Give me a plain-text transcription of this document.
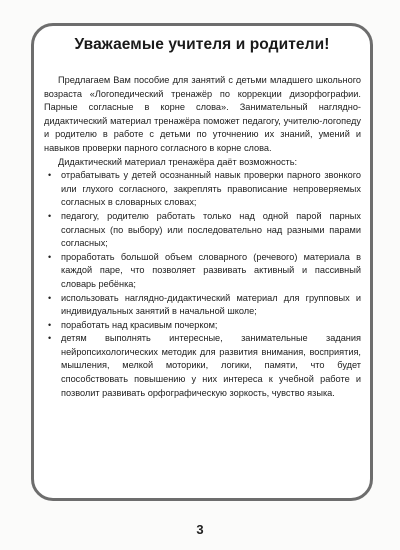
Уважаемые учителя и родители!

Предлагаем Вам пособие для занятий с детьми младшего школьного возраста «Логопедический тренажёр по коррекции дизорфографии. Парные согласные в корне слова». Занимательный наглядно-дидактический материал тренажёра поможет педагогу, учителю-логопеду и родителю в работе с детьми по уточнению их знаний, умений и навыков проверки парного согласного в корне слова.

Дидактический материал тренажёра даёт возможность:

• отрабатывать у детей осознанный навык проверки парного звонкого или глухого согласного, закреплять правописание непроверяемых согласных в словарных словах;
• педагогу, родителю работать только над одной парой парных согласных (по выбору) или последовательно над разными парами согласных;
• проработать большой объем словарного (речевого) материала в каждой паре, что позволяет развивать активный и пассивный словарь ребёнка;
• использовать наглядно-дидактический материал для групповых и индивидуальных занятий в начальной школе;
• поработать над красивым почерком;
• детям выполнять интересные, занимательные задания нейропсихологических методик для развития внимания, восприятия, мышления, мелкой моторики, логики, памяти, что будет способствовать повышению у них интереса к учебной работе и позволит развивать орфографическую зоркость, чувство языка.
3
